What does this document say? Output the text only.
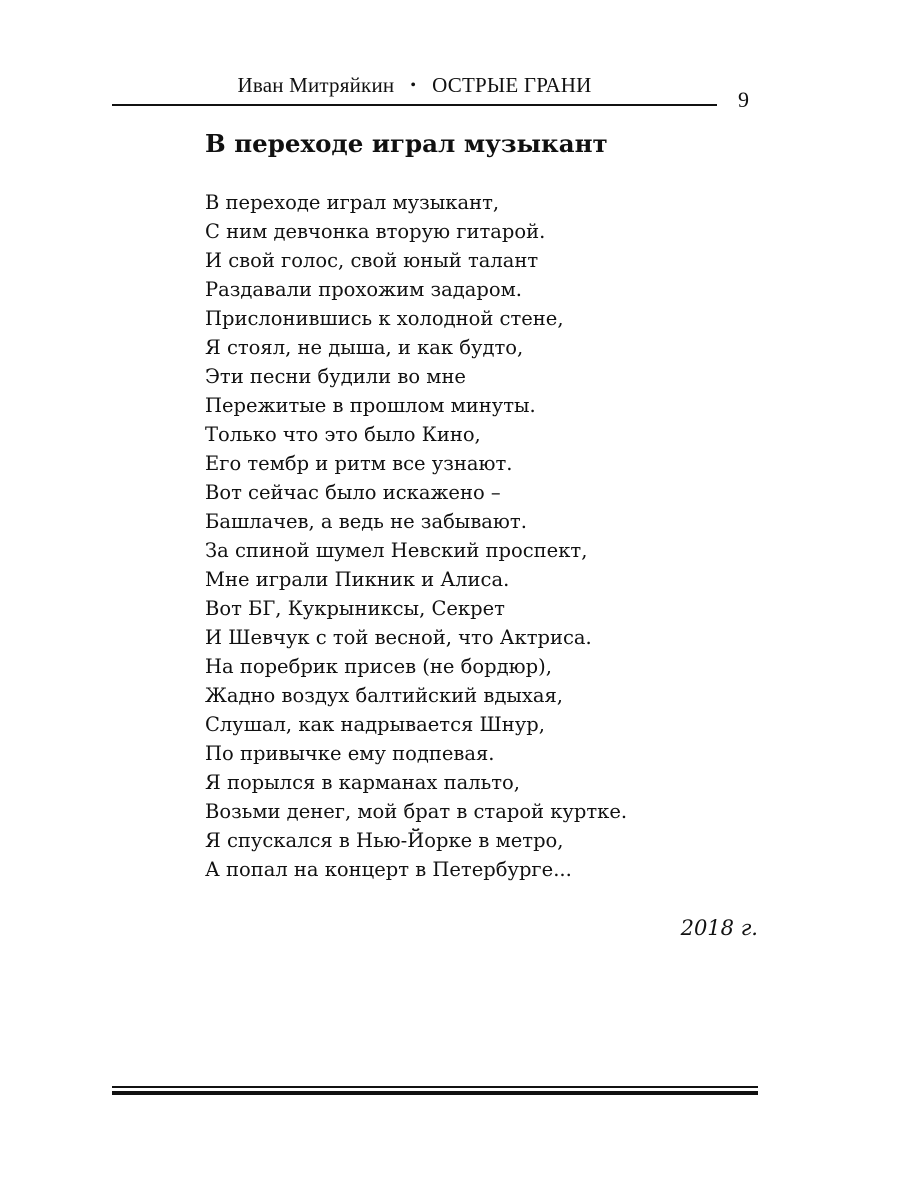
Иван Митряйкин • ОСТРЫЕ ГРАНИ
9
В переходе играл музыкант
В переходе играл музыкант,
С ним девчонка вторую гитарой.
И свой голос, свой юный талант
Раздавали прохожим задаром.
Прислонившись к холодной стене,
Я стоял, не дыша, и как будто,
Эти песни будили во мне
Пережитые в прошлом минуты.
Только что это было Кино,
Его тембр и ритм все узнают.
Вот сейчас было искажено –
Башлачев, а ведь не забывают.
За спиной шумел Невский проспект,
Мне играли Пикник и Алиса.
Вот БГ, Кукрыниксы, Секрет
И Шевчук с той весной, что Актриса.
На поребрик присев (не бордюр),
Жадно воздух балтийский вдыхая,
Слушал, как надрывается Шнур,
По привычке ему подпевая.
Я порылся в карманах пальто,
Возьми денег, мой брат в старой куртке.
Я спускался в Нью-Йорке в метро,
А попал на концерт в Петербурге...
2018 г.
